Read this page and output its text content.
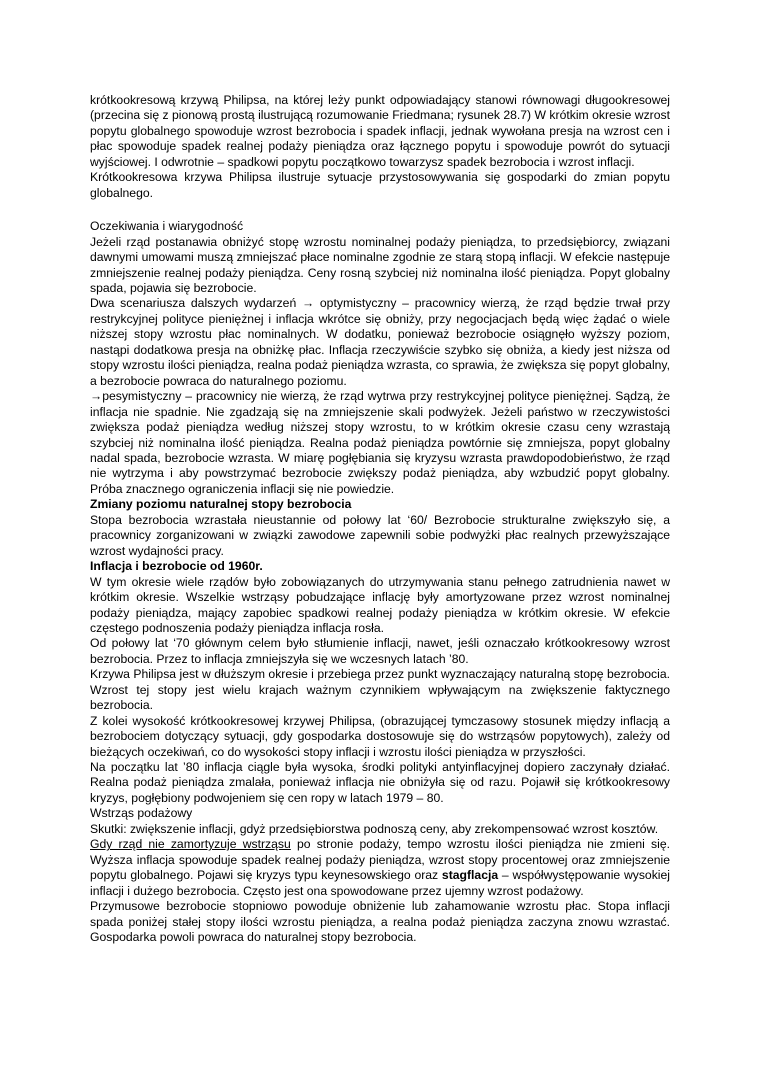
krótkookresową krzywą Philipsa, na której leży punkt odpowiadający stanowi równowagi długookresowej (przecina się z pionową prostą ilustrującą rozumowanie Friedmana; rysunek 28.7) W krótkim okresie wzrost popytu globalnego spowoduje wzrost bezrobocia i spadek inflacji, jednak wywołana presja na wzrost cen i płac spowoduje spadek realnej podaży pieniądza oraz łącznego popytu i spowoduje powrót do sytuacji wyjściowej. I odwrotnie – spadkowi popytu początkowo towarzysz spadek bezrobocia i wzrost inflacji.

Krótkookresowa krzywa Philipsa ilustruje sytuacje przystosowywania się gospodarki do zmian popytu globalnego.

Oczekiwania i wiarygodność

Jeżeli rząd postanawia obniżyć stopę wzrostu nominalnej podaży pieniądza, to przedsiębiorcy, związani dawnymi umowami muszą zmniejszać płace nominalne zgodnie ze starą stopą inflacji. W efekcie następuje zmniejszenie realnej podaży pieniądza. Ceny rosną szybciej niż nominalna ilość pieniądza. Popyt globalny spada, pojawia się bezrobocie.

Dwa scenariusza dalszych wydarzeń → optymistyczny – pracownicy wierzą, że rząd będzie trwał przy restrykcyjnej polityce pieniężnej i inflacja wkrótce się obniży, przy negocjacjach będą więc żądać o wiele niższej stopy wzrostu płac nominalnych. W dodatku, ponieważ bezrobocie osiągnęło wyższy poziom, nastąpi dodatkowa presja na obniżkę płac. Inflacja rzeczywiście szybko się obniża, a kiedy jest niższa od stopy wzrostu ilości pieniądza, realna podaż pieniądza wzrasta, co sprawia, że zwiększa się popyt globalny, a bezrobocie powraca do naturalnego poziomu.

→pesymistyczny – pracownicy nie wierzą, że rząd wytrwa przy restrykcyjnej polityce pieniężnej. Sądzą, że inflacja nie spadnie. Nie zgadzają się na zmniejszenie skali podwyżek. Jeżeli państwo w rzeczywistości zwiększa podaż pieniądza według niższej stopy wzrostu, to w krótkim okresie czasu ceny wzrastają szybciej niż nominalna ilość pieniądza. Realna podaż pieniądza powtórnie się zmniejsza, popyt globalny nadal spada, bezrobocie wzrasta. W miarę pogłębiania się kryzysu wzrasta prawdopodobieństwo, że rząd nie wytrzyma i aby powstrzymać bezrobocie zwiększy podaż pieniądza, aby wzbudzić popyt globalny. Próba znacznego ograniczenia inflacji się nie powiedzie.

Zmiany poziomu naturalnej stopy bezrobocia

Stopa bezrobocia wzrastała nieustannie od połowy lat ‘60/ Bezrobocie strukturalne zwiększyło się, a pracownicy zorganizowani w związki zawodowe zapewnili sobie podwyżki płac realnych przewyższające wzrost wydajności pracy.

Inflacja i bezrobocie od 1960r.

W tym okresie wiele rządów było zobowiązanych do utrzymywania stanu pełnego zatrudnienia nawet w krótkim okresie. Wszelkie wstrząsy pobudzające inflację były amortyzowane przez wzrost nominalnej podaży pieniądza, mający zapobiec spadkowi realnej podaży pieniądza w krótkim okresie. W efekcie częstego podnoszenia podaży pieniądza inflacja rosła.

Od połowy lat ‘70 głównym celem było stłumienie inflacji, nawet, jeśli oznaczało krótkookresowy wzrost bezrobocia. Przez to inflacja zmniejszyła się we wczesnych latach ’80.

Krzywa Philipsa jest w dłuższym okresie i przebiega przez punkt wyznaczający naturalną stopę bezrobocia. Wzrost tej stopy jest wielu krajach ważnym czynnikiem wpływającym na zwiększenie faktycznego bezrobocia.

Z kolei wysokość krótkookresowej krzywej Philipsa, (obrazującej tymczasowy stosunek między inflacją a bezrobociem dotyczący sytuacji, gdy gospodarka dostosowuje się do wstrząsów popytowych), zależy od bieżących oczekiwań, co do wysokości stopy inflacji i wzrostu ilości pieniądza w przyszłości.

Na początku lat ’80 inflacja ciągle była wysoka, środki polityki antyinflacyjnej dopiero zaczynały działać. Realna podaż pieniądza zmalała, ponieważ inflacja nie obniżyła się od razu. Pojawił się krótkookresowy kryzys, pogłębiony podwojeniem się cen ropy w latach 1979 – 80.

Wstrząs podażowy

Skutki: zwiększenie inflacji, gdyż przedsiębiorstwa podnoszą ceny, aby zrekompensować wzrost kosztów.

Gdy rząd nie zamortyzuje wstrząsu po stronie podaży, tempo wzrostu ilości pieniądza nie zmieni się. Wyższa inflacja spowoduje spadek realnej podaży pieniądza, wzrost stopy procentowej oraz zmniejszenie popytu globalnego. Pojawi się kryzys typu keynesowskiego oraz stagflacja – współwystępowanie wysokiej inflacji i dużego bezrobocia. Często jest ona spowodowane przez ujemny wzrost podażowy.

Przymusowe bezrobocie stopniowo powoduje obniżenie lub zahamowanie wzrostu płac. Stopa inflacji spada poniżej stałej stopy ilości wzrostu pieniądza, a realna podaż pieniądza zaczyna znowu wzrastać. Gospodarka powoli powraca do naturalnej stopy bezrobocia.
